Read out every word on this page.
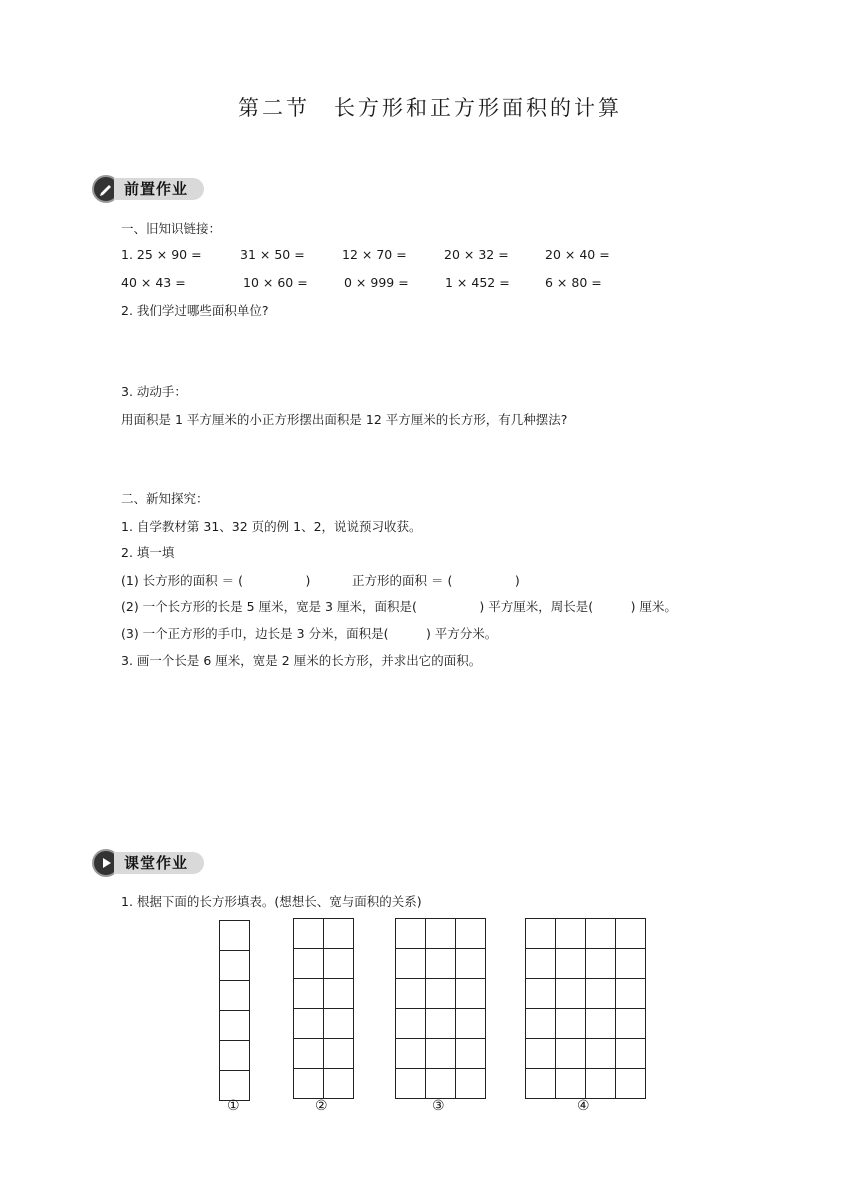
第二节　长方形和正方形面积的计算
前置作业
一、旧知识链接：
1. 25 × 90 =	31 × 50 =	12 × 70 =	20 × 32 =	20 × 40 =
40 × 43 =	10 × 60 =	0 × 999 =	1 × 452 =	6 × 80 =
2. 我们学过哪些面积单位?
3. 动动手：
用面积是 1 平方厘米的小正方形摆出面积是 12 平方厘米的长方形，有几种摆法?
二、新知探究：
1. 自学教材第 31、32 页的例 1、2，说说预习收获。
2. 填一填
(1) 长方形的面积 ＝ (　　　　　)	正方形的面积 ＝ (　　　　　)
(2) 一个长方形的长是 5 厘米，宽是 3 厘米，面积是(　　　　　) 平方厘米，周长是(　　　) 厘米。
(3) 一个正方形的手巾，边长是 3 分米，面积是(　　　) 平方分米。
3. 画一个长是 6 厘米，宽是 2 厘米的长方形，并求出它的面积。
课堂作业
1. 根据下面的长方形填表。(想想长、宽与面积的关系)

①	②	③	④
